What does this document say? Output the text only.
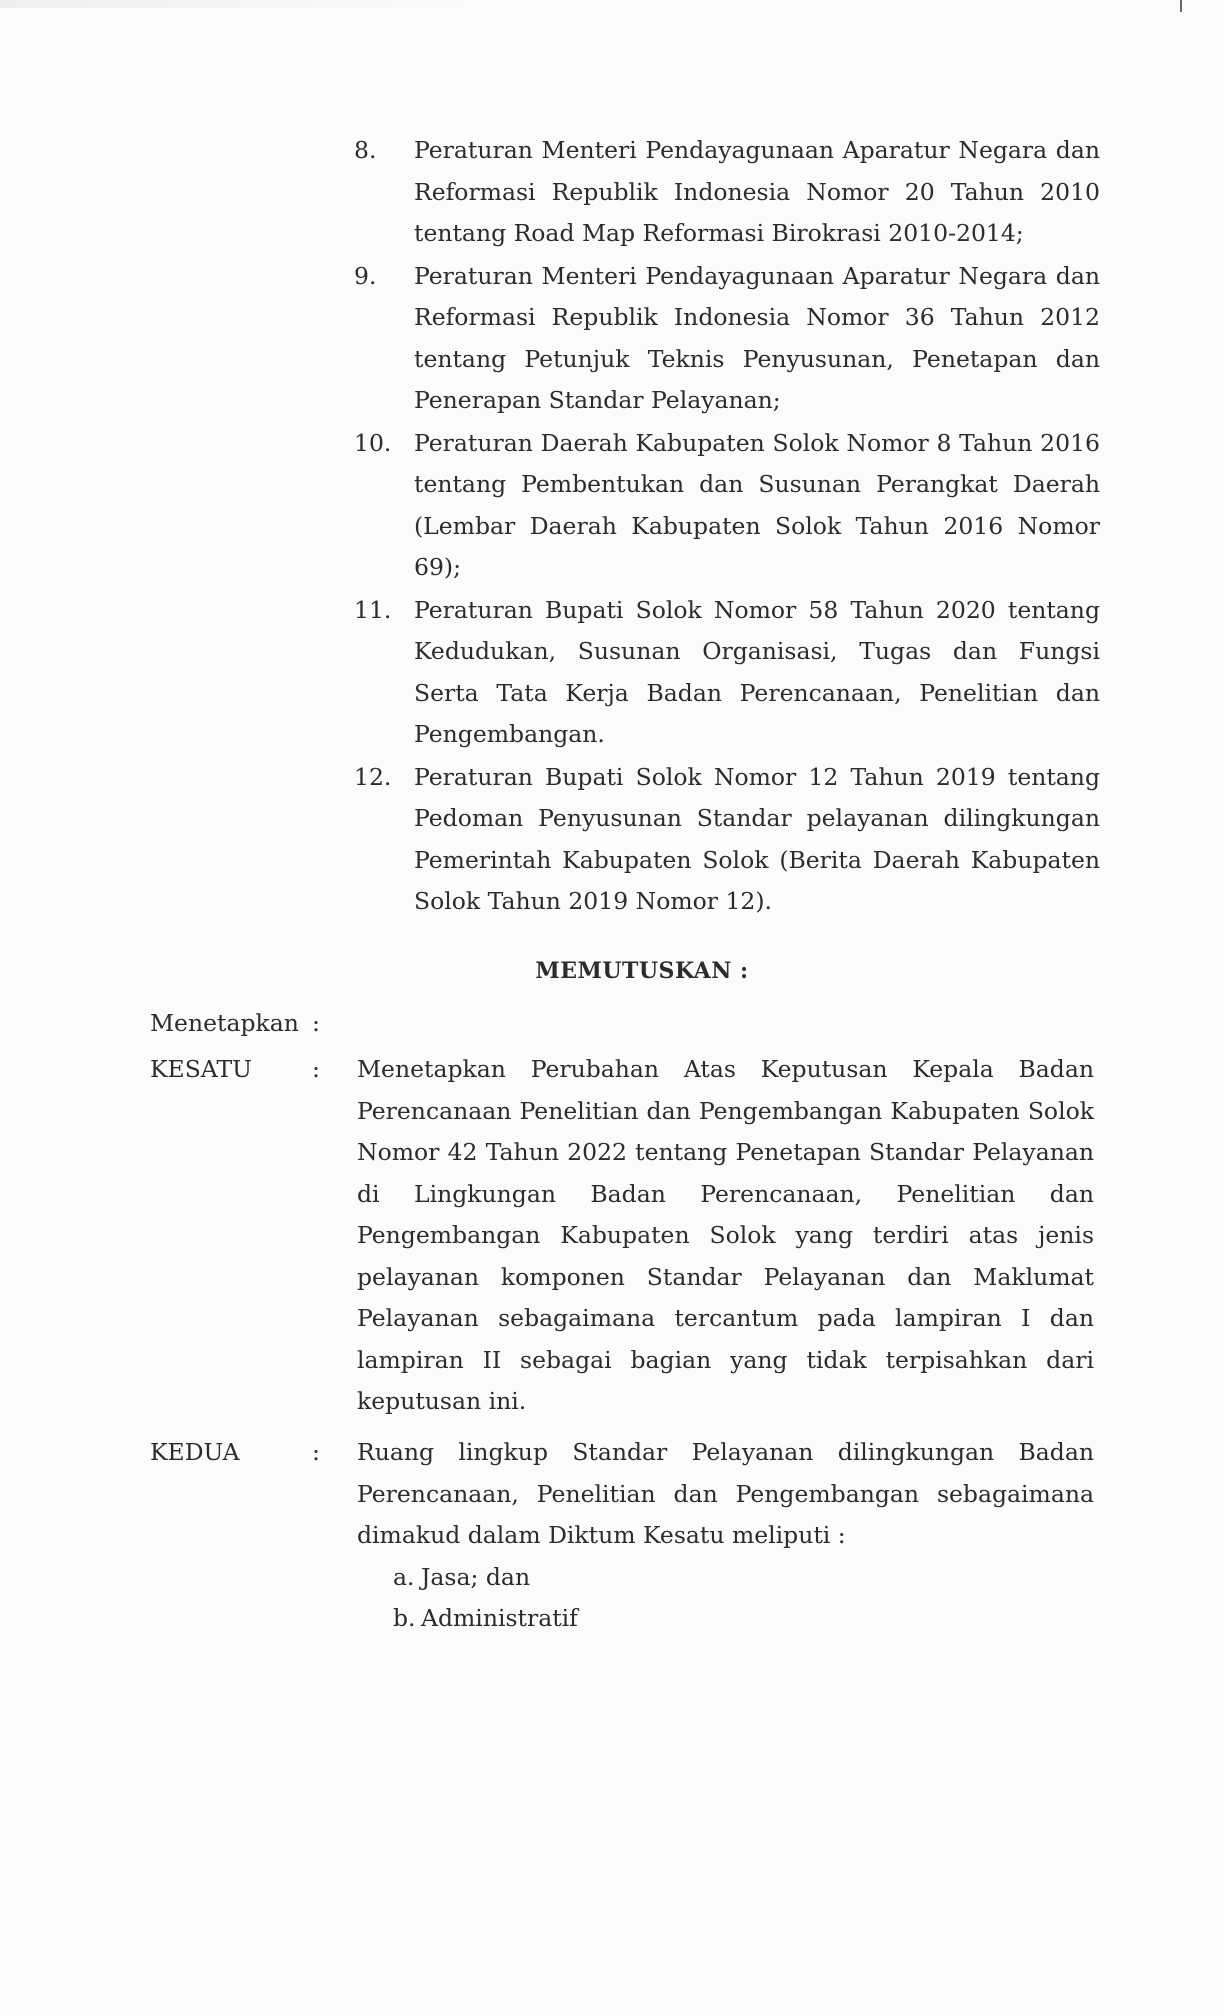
8.	Peraturan Menteri Pendayagunaan Aparatur Negara dan Reformasi Republik Indonesia Nomor 20 Tahun 2010 tentang Road Map Reformasi Birokrasi 2010-2014;
9.	Peraturan Menteri Pendayagunaan Aparatur Negara dan Reformasi Republik Indonesia Nomor 36 Tahun 2012 tentang Petunjuk Teknis Penyusunan, Penetapan dan Penerapan Standar Pelayanan;
10. Peraturan Daerah Kabupaten Solok Nomor 8 Tahun 2016 tentang Pembentukan dan Susunan Perangkat Daerah (Lembar Daerah Kabupaten Solok Tahun 2016 Nomor 69);
11. Peraturan Bupati Solok Nomor 58 Tahun 2020 tentang Kedudukan, Susunan Organisasi, Tugas dan Fungsi Serta Tata Kerja Badan Perencanaan, Penelitian dan Pengembangan.
12. Peraturan Bupati Solok Nomor 12 Tahun 2019 tentang Pedoman Penyusunan Standar pelayanan dilingkungan Pemerintah Kabupaten Solok (Berita Daerah Kabupaten Solok Tahun 2019 Nomor 12).
MEMUTUSKAN :
Menetapkan :
KESATU	:	Menetapkan Perubahan Atas Keputusan Kepala Badan Perencanaan Penelitian dan Pengembangan Kabupaten Solok Nomor 42 Tahun 2022 tentang Penetapan Standar Pelayanan di Lingkungan Badan Perencanaan, Penelitian dan Pengembangan Kabupaten Solok yang terdiri atas jenis pelayanan komponen Standar Pelayanan dan Maklumat Pelayanan sebagaimana tercantum pada lampiran I dan lampiran II sebagai bagian yang tidak terpisahkan dari keputusan ini.
KEDUA	:	Ruang lingkup Standar Pelayanan dilingkungan Badan Perencanaan, Penelitian dan Pengembangan sebagaimana dimakud dalam Diktum Kesatu meliputi :
a. Jasa; dan
b. Administratif
